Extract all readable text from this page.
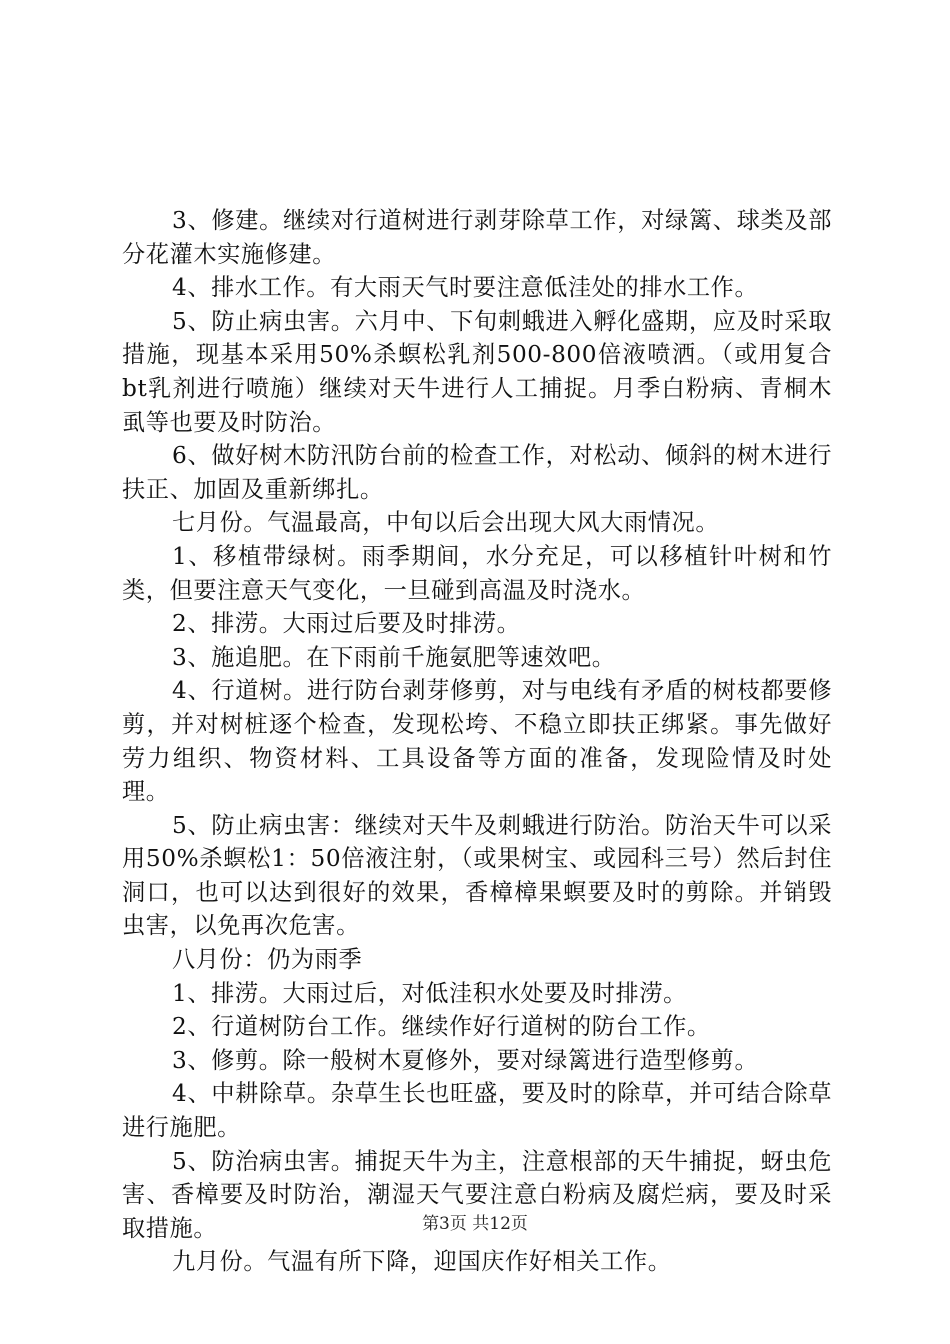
3、修建。继续对行道树进行剥芽除草工作，对绿篱、球类及部分花灌木实施修建。

4、排水工作。有大雨天气时要注意低洼处的排水工作。

5、防止病虫害。六月中、下旬刺蛾进入孵化盛期，应及时采取措施，现基本采用50%杀螟松乳剂500-800倍液喷洒。（或用复合bt乳剂进行喷施）继续对天牛进行人工捕捉。月季白粉病、青桐木虱等也要及时防治。

6、做好树木防汛防台前的检查工作，对松动、倾斜的树木进行扶正、加固及重新绑扎。

七月份。气温最高，中旬以后会出现大风大雨情况。

1、移植带绿树。雨季期间，水分充足，可以移植针叶树和竹类，但要注意天气变化，一旦碰到高温及时浇水。

2、排涝。大雨过后要及时排涝。

3、施追肥。在下雨前千施氨肥等速效吧。

4、行道树。进行防台剥芽修剪，对与电线有矛盾的树枝都要修剪，并对树桩逐个检查，发现松垮、不稳立即扶正绑紧。事先做好劳力组织、物资材料、工具设备等方面的准备，发现险情及时处理。

5、防止病虫害：继续对天牛及刺蛾进行防治。防治天牛可以采用50%杀螟松1：50倍液注射，（或果树宝、或园科三号）然后封住洞口，也可以达到很好的效果，香樟樟果螟要及时的剪除。并销毁虫害，以免再次危害。

八月份：仍为雨季

1、排涝。大雨过后，对低洼积水处要及时排涝。

2、行道树防台工作。继续作好行道树的防台工作。

3、修剪。除一般树木夏修外，要对绿篱进行造型修剪。

4、中耕除草。杂草生长也旺盛，要及时的除草，并可结合除草进行施肥。

5、防治病虫害。捕捉天牛为主，注意根部的天牛捕捉，蚜虫危害、香樟要及时防治，潮湿天气要注意白粉病及腐烂病，要及时采取措施。

九月份。气温有所下降，迎国庆作好相关工作。

第3页 共12页
